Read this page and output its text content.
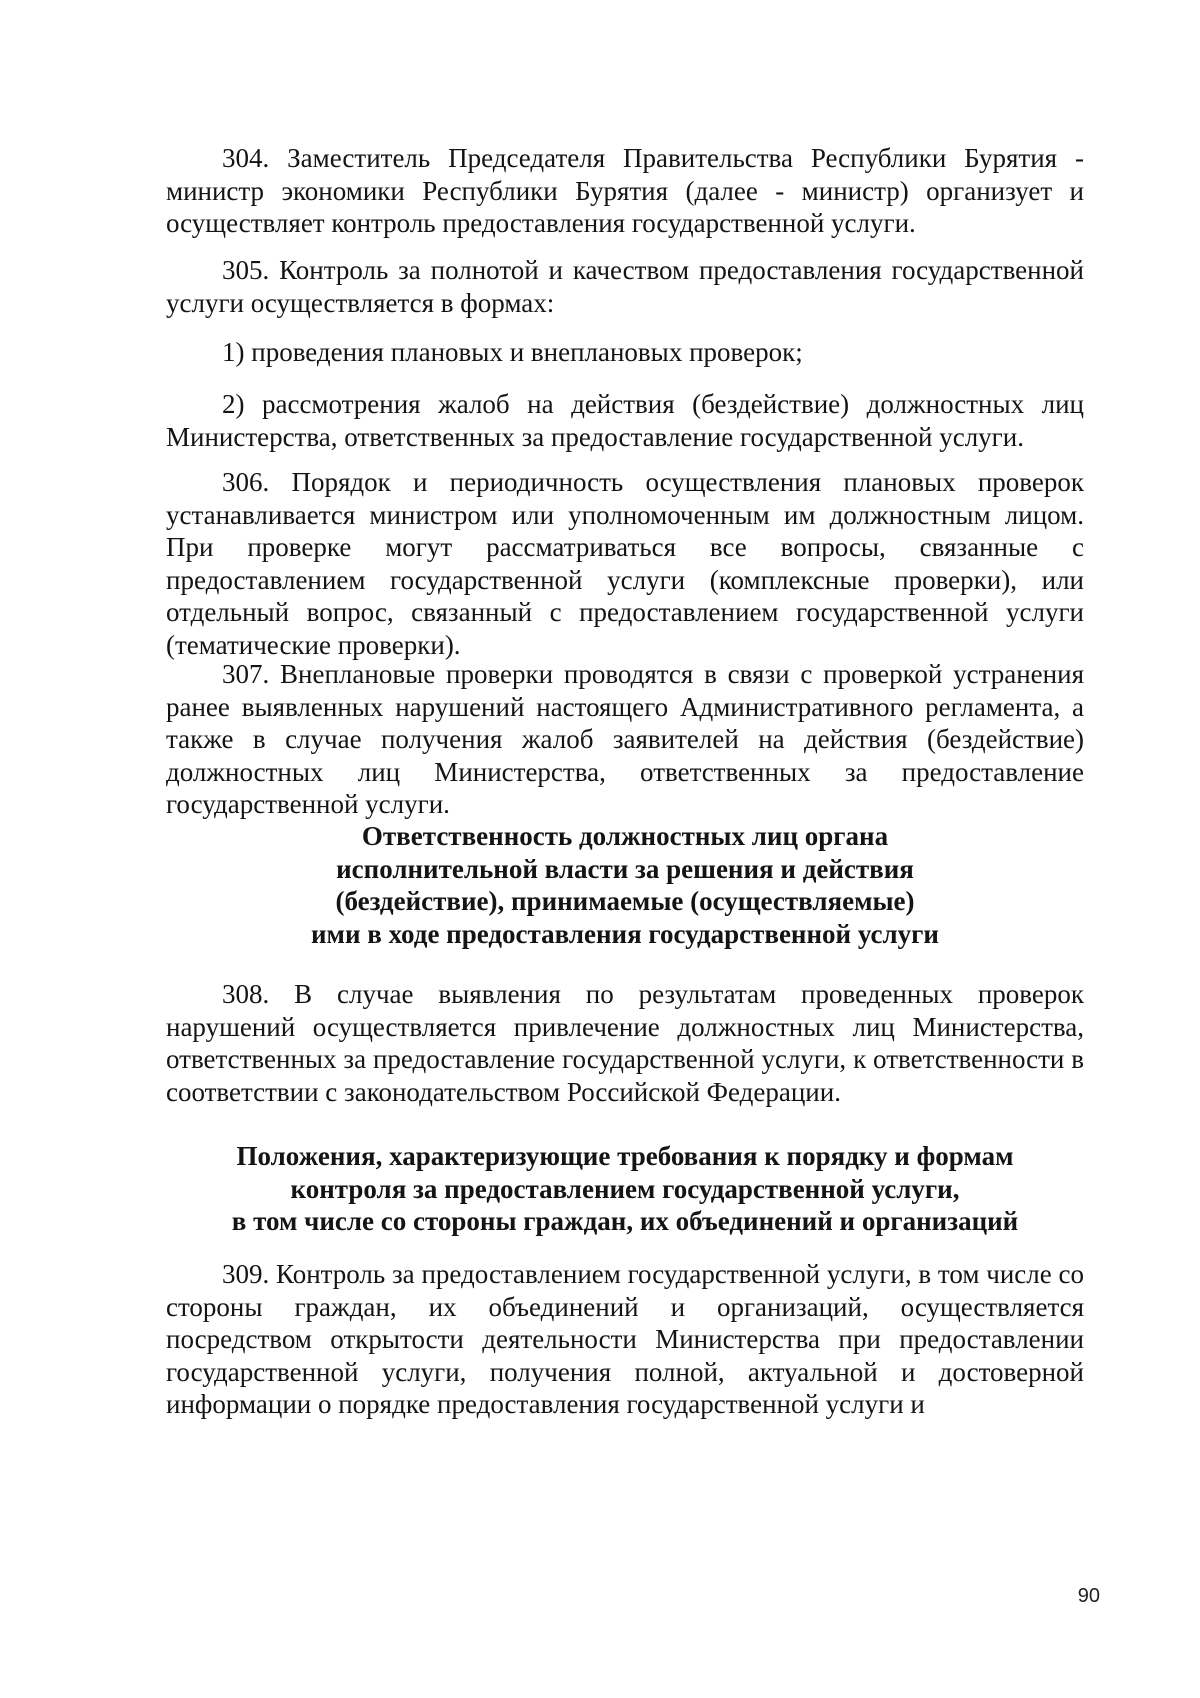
304. Заместитель Председателя Правительства Республики Бурятия - министр экономики Республики Бурятия (далее - министр) организует и осуществляет контроль предоставления государственной услуги.

305. Контроль за полнотой и качеством предоставления государственной услуги осуществляется в формах:

1) проведения плановых и внеплановых проверок;

2) рассмотрения жалоб на действия (бездействие) должностных лиц Министерства, ответственных за предоставление государственной услуги.

306. Порядок и периодичность осуществления плановых проверок устанавливается министром или уполномоченным им должностным лицом. При проверке могут рассматриваться все вопросы, связанные с предоставлением государственной услуги (комплексные проверки), или отдельный вопрос, связанный с предоставлением государственной услуги (тематические проверки).

307. Внеплановые проверки проводятся в связи с проверкой устранения ранее выявленных нарушений настоящего Административного регламента, а также в случае получения жалоб заявителей на действия (бездействие) должностных лиц Министерства, ответственных за предоставление государственной услуги.

Ответственность должностных лиц органа
исполнительной власти за решения и действия
(бездействие), принимаемые (осуществляемые)
ими в ходе предоставления государственной услуги

308. В случае выявления по результатам проведенных проверок нарушений осуществляется привлечение должностных лиц Министерства, ответственных за предоставление государственной услуги, к ответственности в соответствии с законодательством Российской Федерации.

Положения, характеризующие требования к порядку и формам
контроля за предоставлением государственной услуги,
в том числе со стороны граждан, их объединений и организаций

309. Контроль за предоставлением государственной услуги, в том числе со стороны граждан, их объединений и организаций, осуществляется посредством открытости деятельности Министерства при предоставлении государственной услуги, получения полной, актуальной и достоверной информации о порядке предоставления государственной услуги и

90
